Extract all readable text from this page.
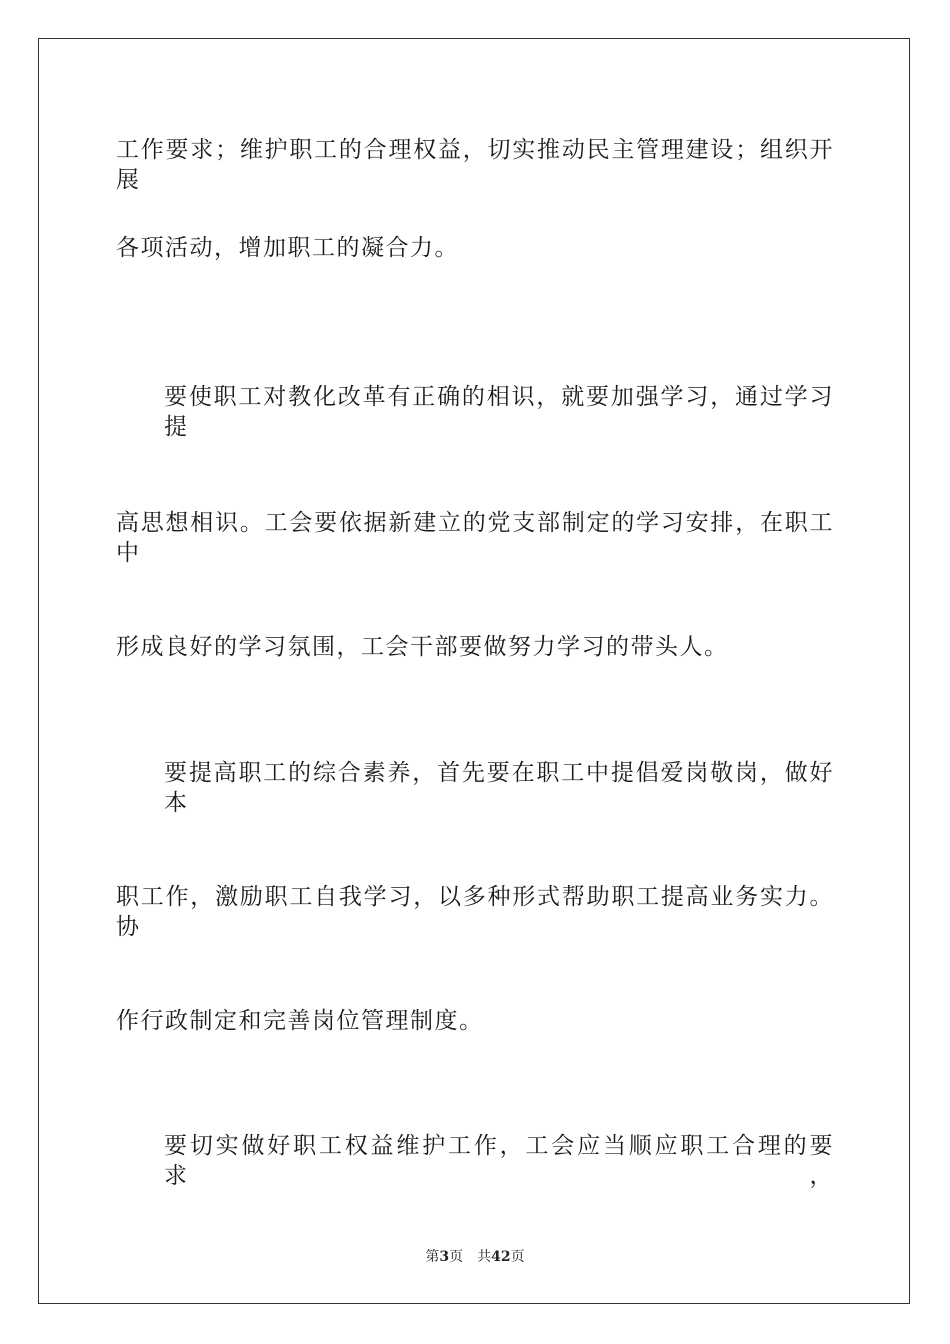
工作要求；维护职工的合理权益，切实推动民主管理建设；组织开展
各项活动，增加职工的凝合力。
要使职工对教化改革有正确的相识，就要加强学习，通过学习提
高思想相识。工会要依据新建立的党支部制定的学习安排，在职工中
形成良好的学习氛围，工会干部要做努力学习的带头人。
要提高职工的综合素养，首先要在职工中提倡爱岗敬岗，做好本
职工作，激励职工自我学习，以多种形式帮助职工提高业务实力。协
作行政制定和完善岗位管理制度。
要切实做好职工权益维护工作，工会应当顺应职工合理的要求，
第3页 共42页
